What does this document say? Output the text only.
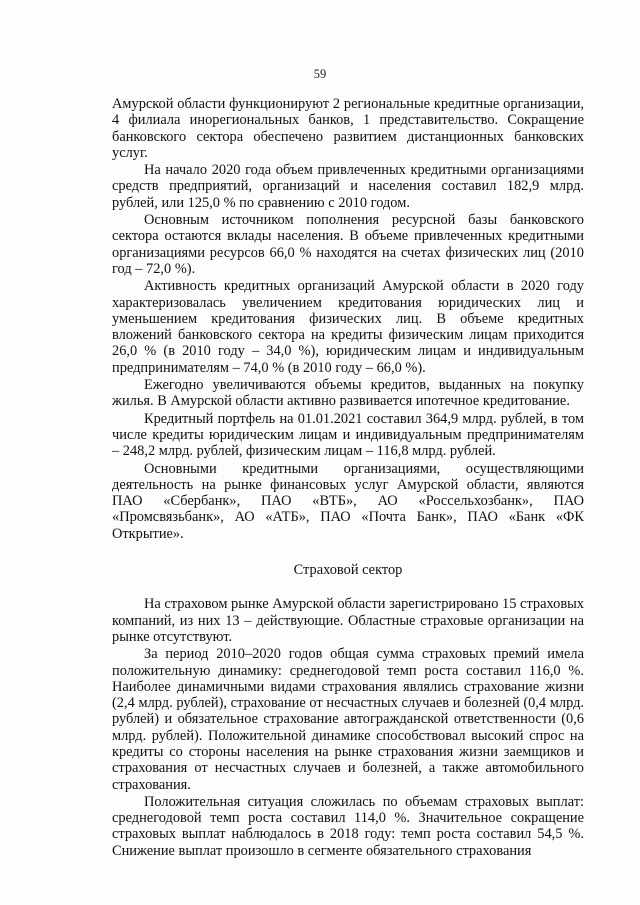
59

Амурской области функционируют 2 региональные кредитные организации, 4 филиала инорегиональных банков, 1 представительство. Сокращение банковского сектора обеспечено развитием дистанционных банковских услуг.

На начало 2020 года объем привлеченных кредитными организациями средств предприятий, организаций и населения составил 182,9 млрд. рублей, или 125,0 % по сравнению с 2010 годом.

Основным источником пополнения ресурсной базы банковского сектора остаются вклады населения. В объеме привлеченных кредитными организациями ресурсов 66,0 % находятся на счетах физических лиц (2010 год – 72,0 %).

Активность кредитных организаций Амурской области в 2020 году характеризовалась увеличением кредитования юридических лиц и уменьшением кредитования физических лиц. В объеме кредитных вложений банковского сектора на кредиты физическим лицам приходится 26,0 % (в 2010 году – 34,0 %), юридическим лицам и индивидуальным предпринимателям – 74,0 % (в 2010 году – 66,0 %).

Ежегодно увеличиваются объемы кредитов, выданных на покупку жилья. В Амурской области активно развивается ипотечное кредитование.

Кредитный портфель на 01.01.2021 составил 364,9 млрд. рублей, в том числе кредиты юридическим лицам и индивидуальным предпринимателям – 248,2 млрд. рублей, физическим лицам – 116,8 млрд. рублей.

Основными кредитными организациями, осуществляющими деятельность на рынке финансовых услуг Амурской области, являются ПАО «Сбербанк», ПАО «ВТБ», АО «Россельхозбанк», ПАО «Промсвязьбанк», АО «АТБ», ПАО «Почта Банк», ПАО «Банк «ФК Открытие».

Страховой сектор

На страховом рынке Амурской области зарегистрировано 15 страховых компаний, из них 13 – действующие. Областные страховые организации на рынке отсутствуют.

За период 2010–2020 годов общая сумма страховых премий имела положительную динамику: среднегодовой темп роста составил 116,0 %. Наиболее динамичными видами страхования являлись страхование жизни (2,4 млрд. рублей), страхование от несчастных случаев и болезней (0,4 млрд. рублей) и обязательное страхование автогражданской ответственности (0,6 млрд. рублей). Положительной динамике способствовал высокий спрос на кредиты со стороны населения на рынке страхования жизни заемщиков и страхования от несчастных случаев и болезней, а также автомобильного страхования.

Положительная ситуация сложилась по объемам страховых выплат: среднегодовой темп роста составил 114,0 %. Значительное сокращение страховых выплат наблюдалось в 2018 году: темп роста составил 54,5 %. Снижение выплат произошло в сегменте обязательного страхования
